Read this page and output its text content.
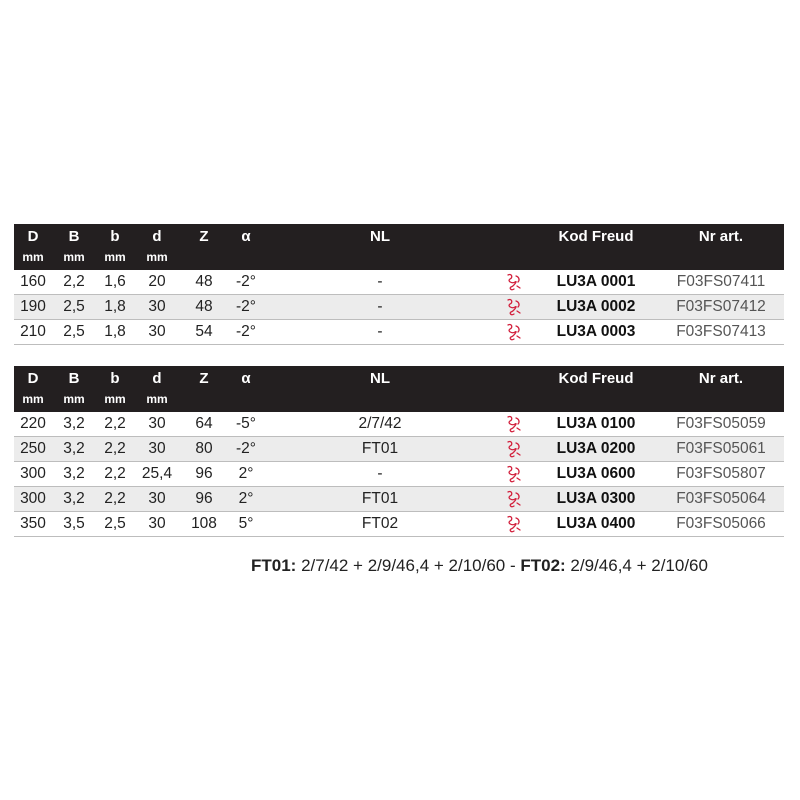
D B b d	Z α	NL	Kod Freud	Nr art.
mm mm mm mm
160 2,2 1,6 20 48 -2°	-	LU3A 0001	F03FS07411
190 2,5 1,8 30 48 -2°	-	LU3A 0002	F03FS07412
210 2,5 1,8 30 54 -2°	-	LU3A 0003	F03FS07413
D B b d	Z α	NL	Kod Freud	Nr art.
mm mm mm mm
220 3,2 2,2 30 64 -5°	2/7/42	LU3A 0100	F03FS05059
250 3,2 2,2 30 80 -2°	FT01	LU3A 0200	F03FS05061
300 3,2 2,2 25,4 96 2°	-	LU3A 0600	F03FS05807
300 3,2 2,2 30 96 2°	FT01	LU3A 0300	F03FS05064
350 3,5 2,5 30 108 5°	FT02	LU3A 0400	F03FS05066
FT01: 2/7/42 + 2/9/46,4 + 2/10/60 - FT02: 2/9/46,4 + 2/10/60
